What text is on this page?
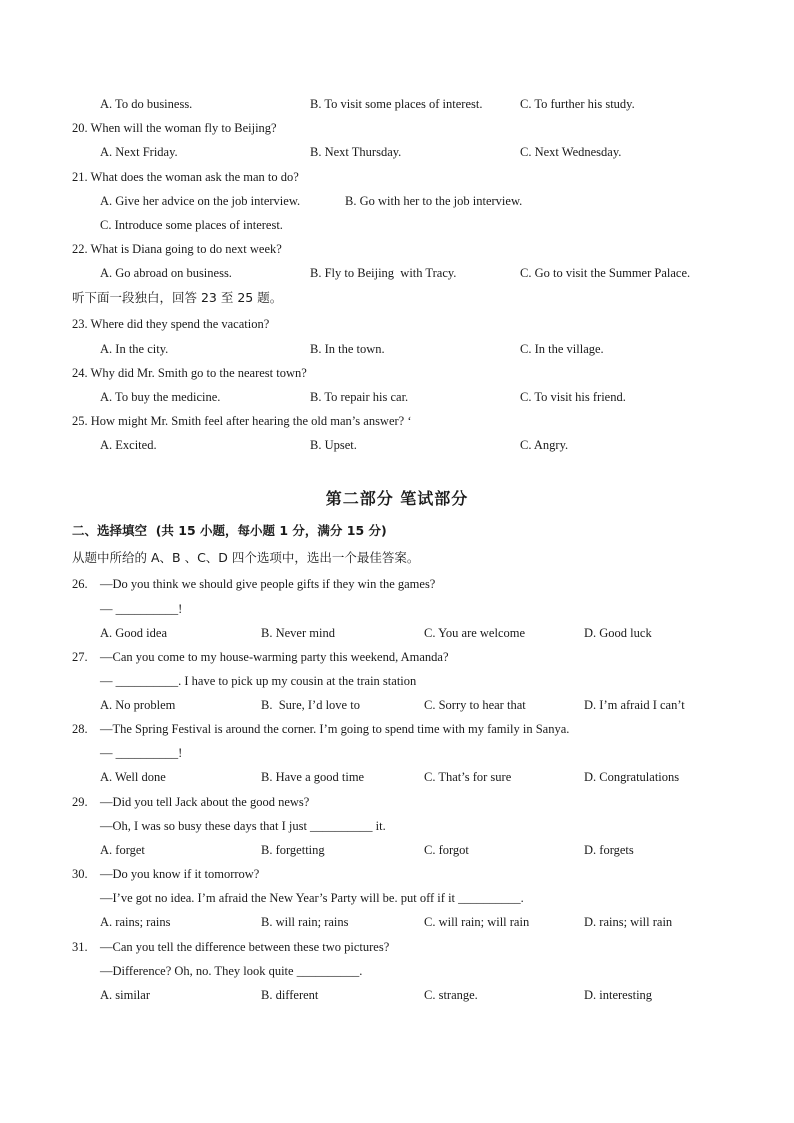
A. To do business.	B. To visit some places of interest.	C. To further his study.
20. When will the woman fly to Beijing?
A. Next Friday.	B. Next Thursday.	C. Next Wednesday.
21. What does the woman ask the man to do?
A. Give her advice on the job interview.	B. Go with her to the job interview.
C. Introduce some places of interest.
22. What is Diana going to do next week?
A. Go abroad on business.	B. Fly to Beijing  with Tracy.	C. Go to visit the Summer Palace.
听下面一段独白，回答 23 至 25 题。
23. Where did they spend the vacation?
A. In the city.	B. In the town.	C. In the village.
24. Why did Mr. Smith go to the nearest town?
A. To buy the medicine.	B. To repair his car.	C. To visit his friend.
25. How might Mr. Smith feel after hearing the old man’s answer? ‘
A. Excited.	B. Upset.	C. Angry.
第二部分 笔试部分
二、选择填空  (共 15 小题，每小题 1 分，满分 15 分)
从题中所给的 A、B 、C、D 四个选项中，选出一个最佳答案。
26. —Do you think we should give people gifts if they win the games?
— __________!
A. Good idea	B. Never mind	C. You are welcome	D. Good luck
27. —Can you come to my house-warming party this weekend, Amanda?
— __________. I have to pick up my cousin at the train station
A. No problem	B.  Sure, I’d love to	C. Sorry to hear that	D. I’m afraid I can’t
28. —The Spring Festival is around the corner. I’m going to spend time with my family in Sanya.
— __________!
A. Well done	B. Have a good time	C. That’s for sure	D. Congratulations
29. —Did you tell Jack about the good news?
—Oh, I was so busy these days that I just __________ it.
A. forget	B. forgetting	C. forgot	D. forgets
30. —Do you know if it tomorrow?
—I’ve got no idea. I’m afraid the New Year’s Party will be. put off if it __________.
A. rains; rains	B. will rain; rains	C. will rain; will rain	D. rains; will rain
31. —Can you tell the difference between these two pictures?
—Difference? Oh, no. They look quite __________.
A. similar	B. different	C. strange.	D. interesting
